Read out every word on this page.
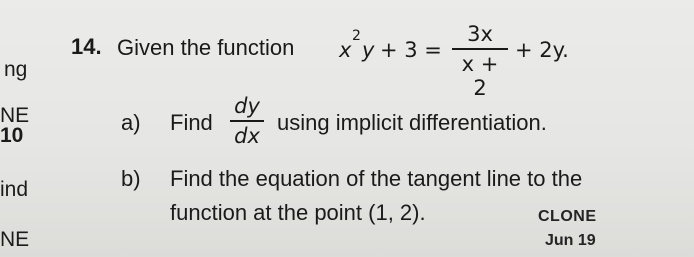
ng
NE
10
ind
NE
14. Given the function x
2
y + 3 =
3x
x + 2
+ 2y.
a) Find
dy
dx
using implicit differentiation.
b) Find the equation of the tangent line to the
function at the point (1, 2).	CLONE
Jun 19
